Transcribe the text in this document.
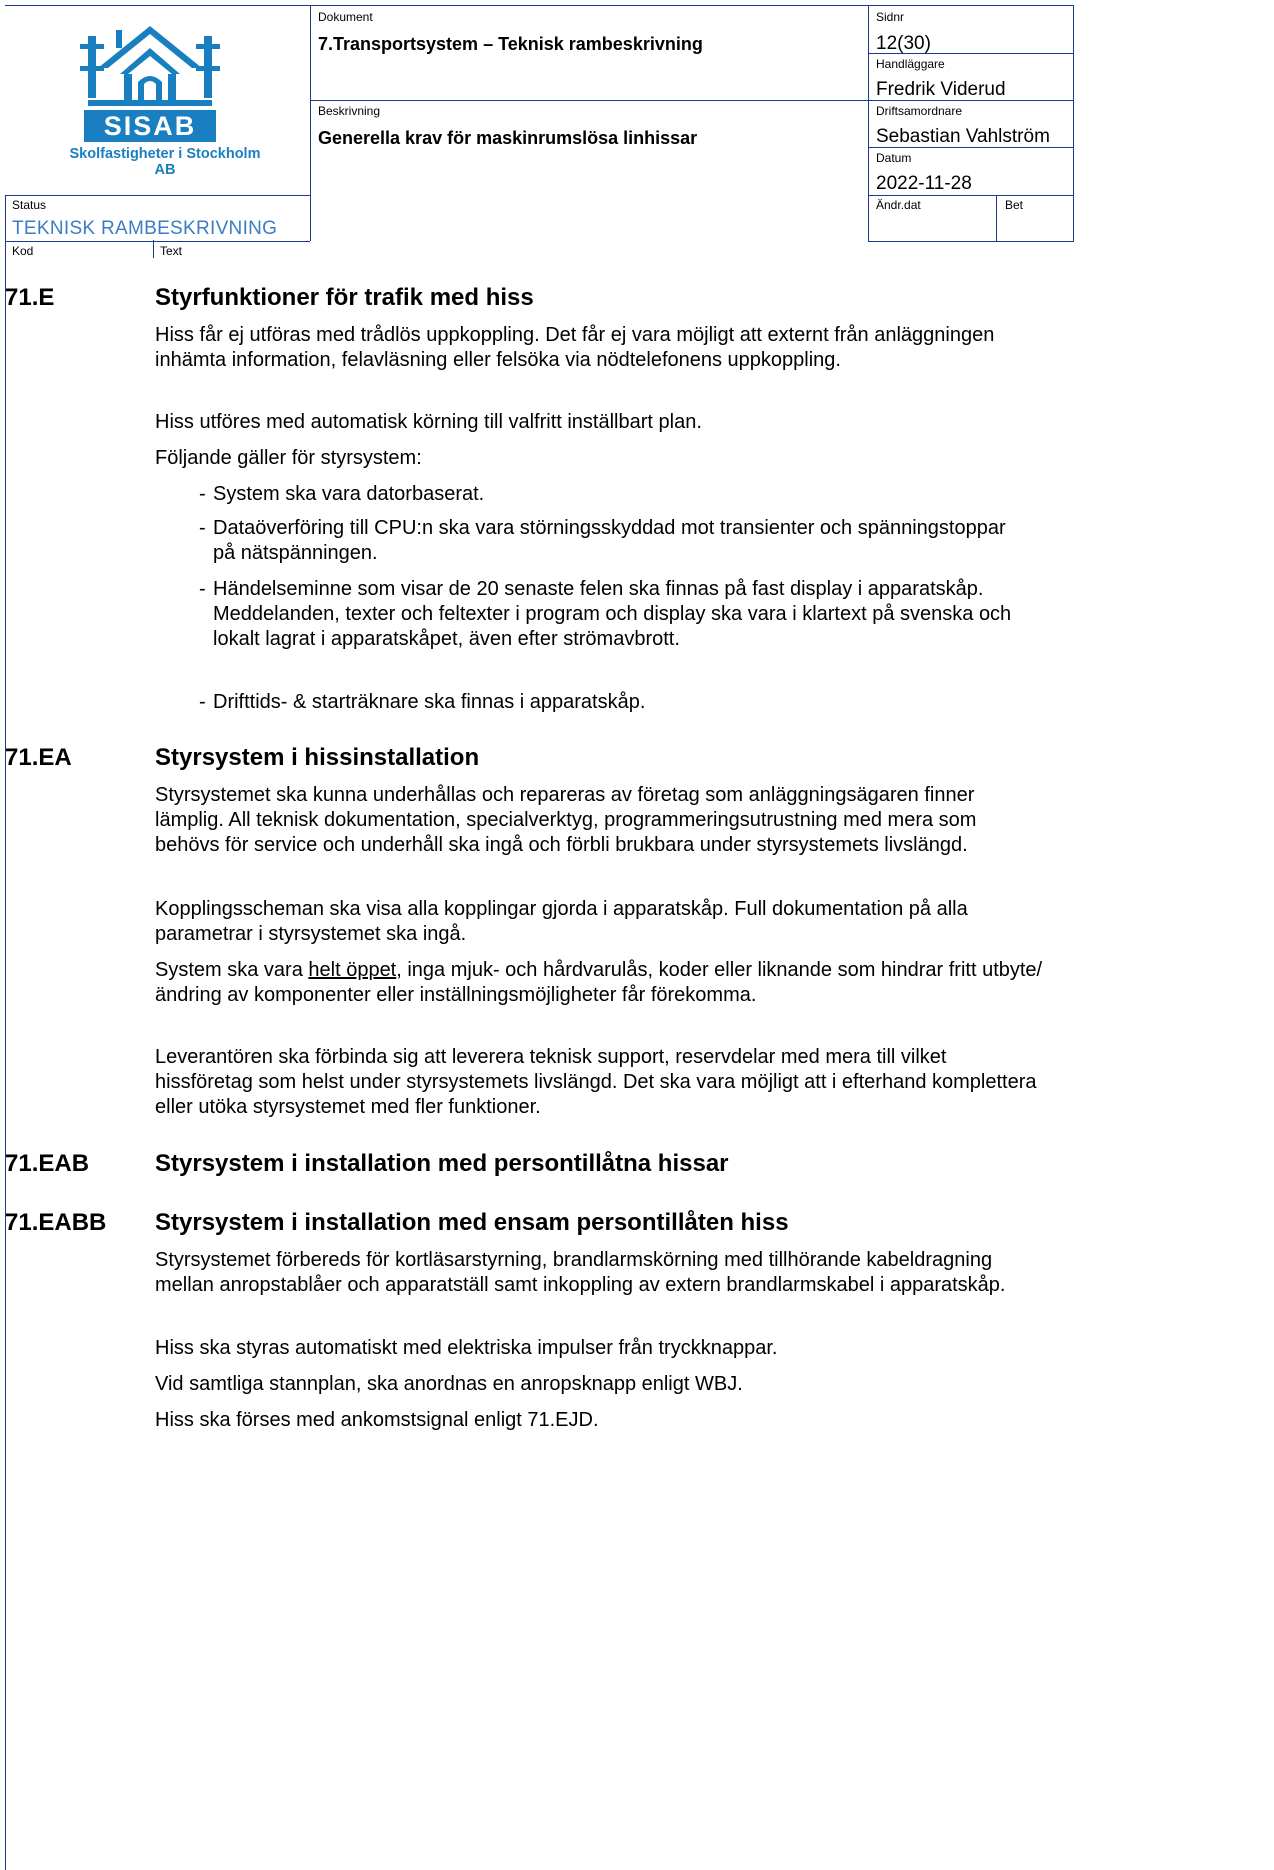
SISAB
Skolfastigheter i Stockholm AB
Dokument
7.Transportsystem – Teknisk rambeskrivning
Beskrivning
Generella krav för maskinrumslösa linhissar
Sidnr
12(30)
Handläggare
Fredrik Viderud
Driftsamordnare
Sebastian Vahlström
Datum
2022-11-28
Ändr.dat	Bet
Status
TEKNISK RAMBESKRIVNING
Kod	Text
71.E	Styrfunktioner för trafik med hiss

Hiss får ej utföras med trådlös uppkoppling. Det får ej vara möjligt att externt från anläggningen inhämta information, felavläsning eller felsöka via nödtelefonens uppkoppling.

Hiss utföres med automatisk körning till valfritt inställbart plan.

Följande gäller för styrsystem:

- System ska vara datorbaserat.
- Dataöverföring till CPU:n ska vara störningsskyddad mot transienter och spänningstoppar på nätspänningen.
- Händelseminne som visar de 20 senaste felen ska finnas på fast display i apparatskåp. Meddelanden, texter och feltexter i program och display ska vara i klartext på svenska och lokalt lagrat i apparatskåpet, även efter strömavbrott.
- Drifttids- & starträknare ska finnas i apparatskåp.
71.EA	Styrsystem i hissinstallation

Styrsystemet ska kunna underhållas och repareras av företag som anläggningsägaren finner lämplig. All teknisk dokumentation, specialverktyg, programmeringsutrustning med mera som behövs för service och underhåll ska ingå och förbli brukbara under styrsystemets livslängd.

Kopplingsscheman ska visa alla kopplingar gjorda i apparatskåp. Full dokumentation på alla parametrar i styrsystemet ska ingå.

System ska vara helt öppet, inga mjuk- och hårdvarulås, koder eller liknande som hindrar fritt utbyte/ändring av komponenter eller inställningsmöjligheter får förekomma.

Leverantören ska förbinda sig att leverera teknisk support, reservdelar med mera till vilket hissföretag som helst under styrsystemets livslängd. Det ska vara möjligt att i efterhand komplettera eller utöka styrsystemet med fler funktioner.

71.EAB	Styrsystem i installation med persontillåtna hissar
71.EABB Styrsystem i installation med ensam persontillåten hiss

Styrsystemet förbereds för kortläsarstyrning, brandlarmskörning med tillhörande kabeldragning mellan anropstablåer och apparatställ samt inkoppling av extern brandlarmskabel i apparatskåp.

Hiss ska styras automatiskt med elektriska impulser från tryckknappar.

Vid samtliga stannplan, ska anordnas en anropsknapp enligt WBJ.

Hiss ska förses med ankomstsignal enligt 71.EJD.
